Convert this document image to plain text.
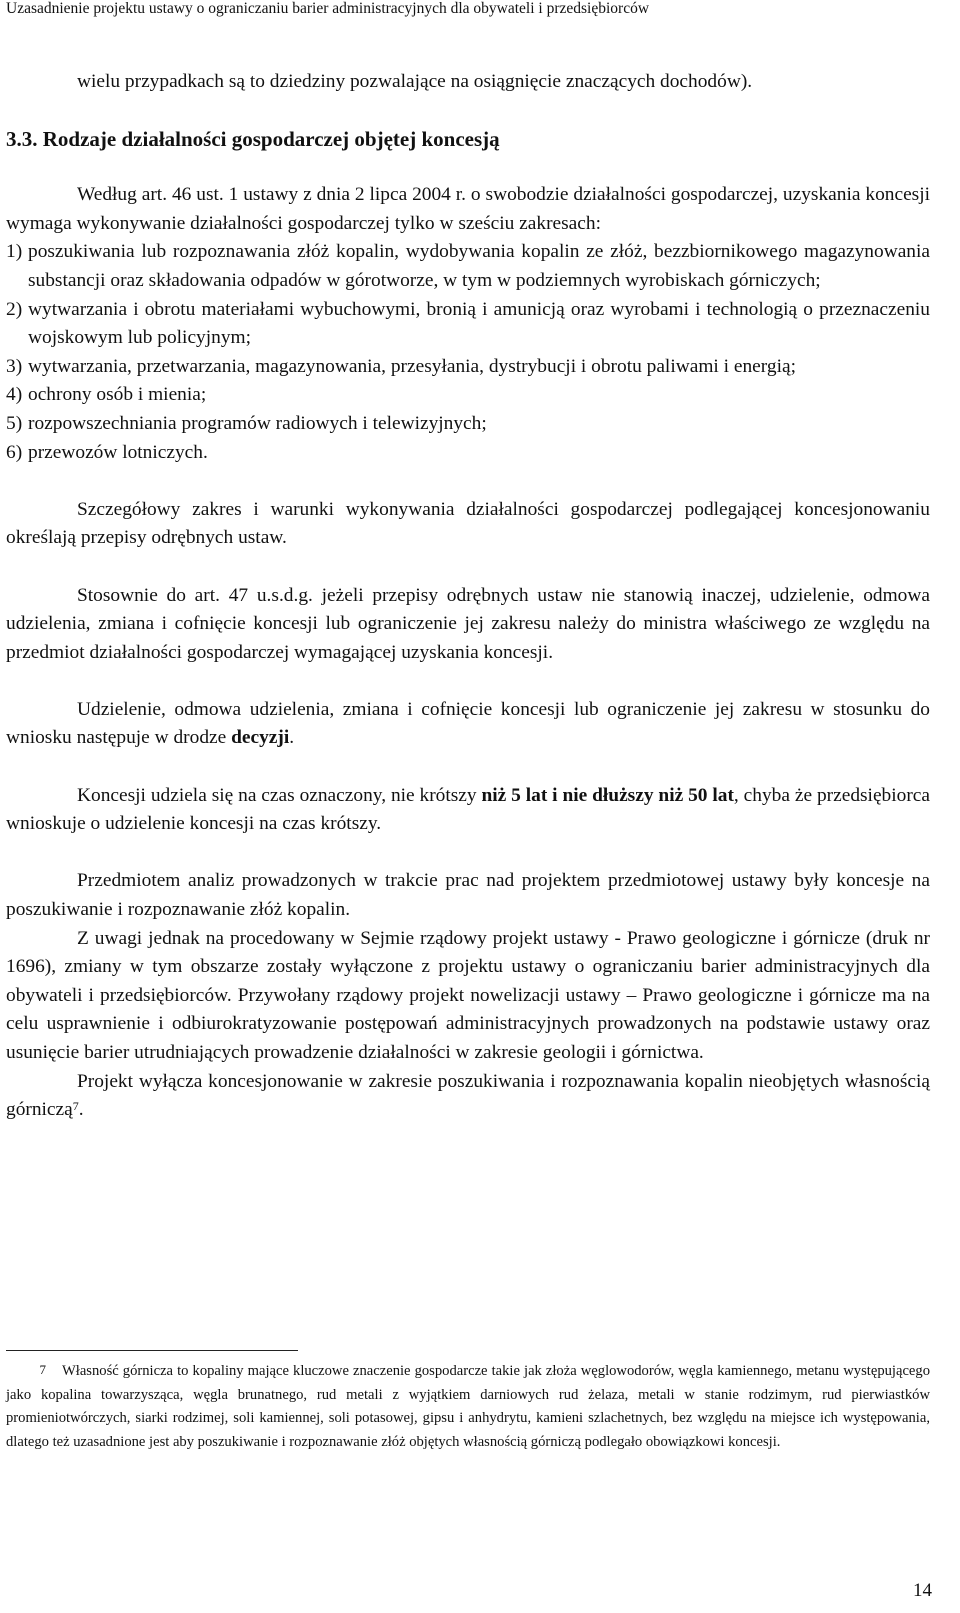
Uzasadnienie projektu ustawy o ograniczaniu barier administracyjnych dla obywateli i przedsiębiorców

wielu przypadkach są to dziedziny pozwalające na osiągnięcie znaczących dochodów).

3.3. Rodzaje działalności gospodarczej objętej koncesją

Według art. 46 ust. 1 ustawy z dnia 2 lipca 2004 r. o swobodzie działalności gospodarczej, uzyskania koncesji wymaga wykonywanie działalności gospodarczej tylko w sześciu zakresach:

1) poszukiwania lub rozpoznawania złóż kopalin, wydobywania kopalin ze złóż, bezzbiornikowego magazynowania substancji oraz składowania odpadów w górotworze, w tym w podziemnych wyrobiskach górniczych;
2) wytwarzania i obrotu materiałami wybuchowymi, bronią i amunicją oraz wyrobami i technologią o przeznaczeniu wojskowym lub policyjnym;
3) wytwarzania, przetwarzania, magazynowania, przesyłania, dystrybucji i obrotu paliwami i energią;
4) ochrony osób i mienia;
5) rozpowszechniania programów radiowych i telewizyjnych;
6) przewozów lotniczych.

Szczegółowy zakres i warunki wykonywania działalności gospodarczej podlegającej koncesjonowaniu określają przepisy odrębnych ustaw.

Stosownie do art. 47 u.s.d.g. jeżeli przepisy odrębnych ustaw nie stanowią inaczej, udzielenie, odmowa udzielenia, zmiana i cofnięcie koncesji lub ograniczenie jej zakresu należy do ministra właściwego ze względu na przedmiot działalności gospodarczej wymagającej uzyskania koncesji.

Udzielenie, odmowa udzielenia, zmiana i cofnięcie koncesji lub ograniczenie jej zakresu w stosunku do wniosku następuje w drodze decyzji.

Koncesji udziela się na czas oznaczony, nie krótszy niż 5 lat i nie dłuższy niż 50 lat, chyba że przedsiębiorca wnioskuje o udzielenie koncesji na czas krótszy.

Przedmiotem analiz prowadzonych w trakcie prac nad projektem przedmiotowej ustawy były koncesje na poszukiwanie i rozpoznawanie złóż kopalin.

Z uwagi jednak na procedowany w Sejmie rządowy projekt ustawy - Prawo geologiczne i górnicze (druk nr 1696), zmiany w tym obszarze zostały wyłączone z projektu ustawy o ograniczaniu barier administracyjnych dla obywateli i przedsiębiorców. Przywołany rządowy projekt nowelizacji ustawy – Prawo geologiczne i górnicze ma na celu usprawnienie i odbiurokratyzowanie postępowań administracyjnych prowadzonych na podstawie ustawy oraz usunięcie barier utrudniających prowadzenie działalności w zakresie geologii i górnictwa.

Projekt wyłącza koncesjonowanie w zakresie poszukiwania i rozpoznawania kopalin nieobjętych własnością górniczą$^7$.

7 Własność górnicza to kopaliny mające kluczowe znaczenie gospodarcze takie jak złoża węglowodorów, węgla kamiennego, metanu występującego jako kopalina towarzysząca, węgla brunatnego, rud metali z wyjątkiem darniowych rud żelaza, metali w stanie rodzimym, rud pierwiastków promieniotwórczych, siarki rodzimej, soli kamiennej, soli potasowej, gipsu i anhydrytu, kamieni szlachetnych, bez względu na miejsce ich występowania, dlatego też uzasadnione jest aby poszukiwanie i rozpoznawanie złóż objętych własnością górniczą podlegało obowiązkowi koncesji.
14
